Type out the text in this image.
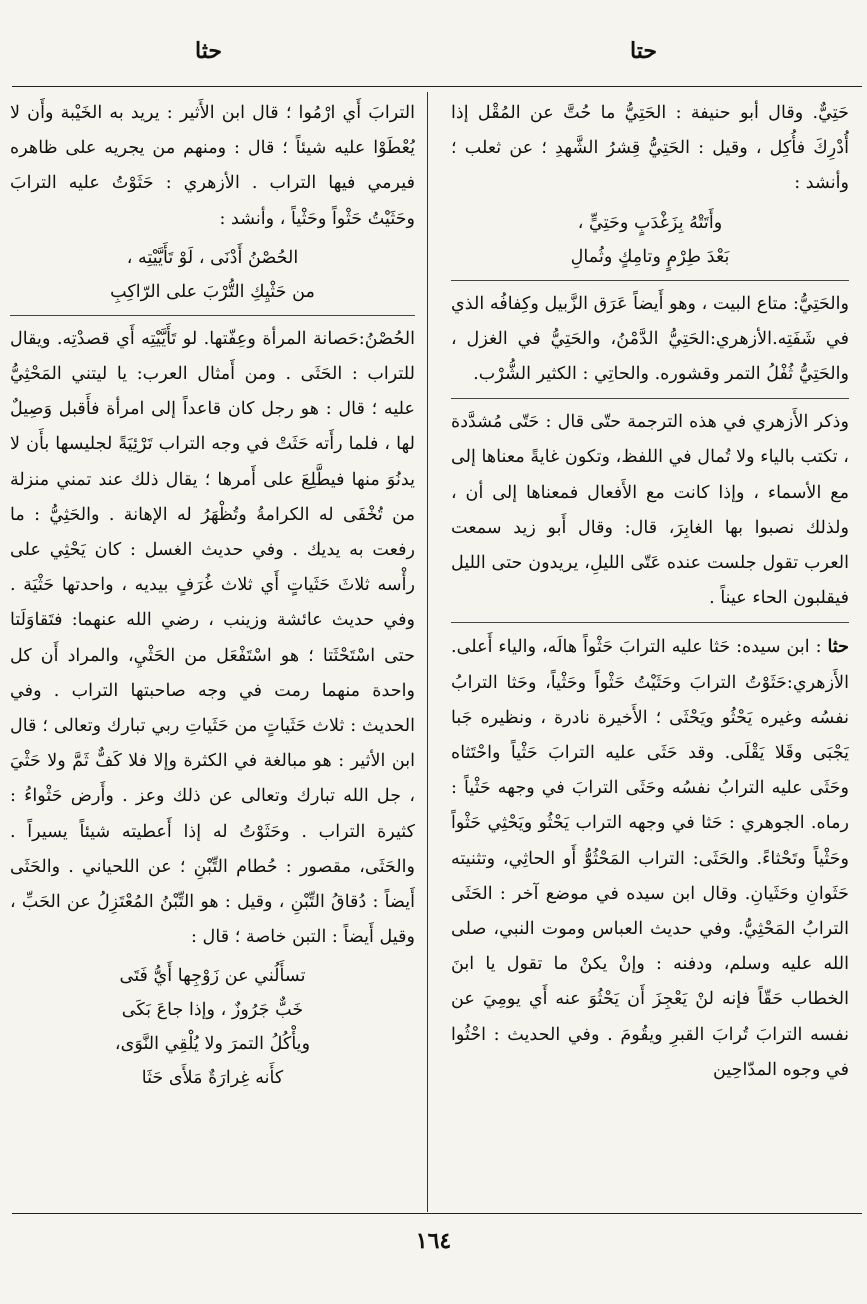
حتا
حثا

حَتِيٌّ. وقال أبو حنيفة : الحَتِيُّ ما حُتَّ عن المُقْل إذا أُدْرِكَ فأُكِل ، وقيل : الحَتِيُّ قِشرُ الشَّهدِ ؛ عن ثعلب ؛ وأنشد :

وأَتَتْهُ بِزَغْدَبٍ وحَتِيٍّ ،
بَعْدَ طِرْمٍ وتامِكٍ وثُمالِ

والحَتِيُّ: متاع البيت ، وهو أَيضاً عَرَق الزَّبيل وكِفافُه الذي في شَفَتِه.الأزهري:الحَتِيُّ الدَّمْنُ، والحَتِيُّ في الغزل ، والحَتِيُّ ثُفْلُ التمر وقشوره. والحاتِي : الكثير الشُّرْب.

وذكر الأَزهري في هذه الترجمة حتّى قال : حَتّى مُشدَّدة ، تكتب بالياء ولا تُمال في اللفظ، وتكون غايةً معناها إلى مع الأسماء ، وإذا كانت مع الأَفعال فمعناها إلى أن ، ولذلك نصبوا بها الغابِرَ، قال: وقال أَبو زيد سمعت العرب تقول جلست عنده عَتّى الليلِ، يريدون حتى الليل فيقلبون الحاء عيناً .

حثا : ابن سيده: حَثا عليه الترابَ حَثْواً هالَه، والياء أَعلى. الأَزهري:حَثَوْتُ الترابَ وحَثَيْتُ حَثْواً وحَثْياً، وحَثا الترابُ نفسُه وغيره يَحْثُو ويَحْثَى ؛ الأَخيرة نادرة ، ونظيره جَبا يَجْبَى وقَلا يَقْلَى. وقد حَثَى عليه الترابَ حَثْياً واحْتَثاه وحَثَى عليه الترابُ نفسُه وحَثَى الترابَ في وجهه حَثْياً : رماه. الجوهري : حَثا في وجهه التراب يَحْثُو ويَحْثِي حَثْواً وحَثْياً وتَحْثاءً. والحَثَى: التراب المَحْثُوُّ أَو الحاثِي، وتثنيته حَثَوانِ وحَثَيانِ. وقال ابن سيده في موضع آخر : الحَثَى الترابُ المَحْثِيُّ. وفي حديث العباس وموت النبي، صلى الله عليه وسلم، ودفنه : وإنْ يكنْ ما تقول يا ابنَ الخطاب حَقّاً فإنه لنْ يَعْجِزَ أَن يَحْثُوَ عنه أَي يومِيَ عن نفسه الترابَ تُرابَ القبرِ ويقُومَ . وفي الحديث : احْثُوا في وجوه المدّاحِين

الترابَ أَي ارْمُوا ؛ قال ابن الأَثير : يريد به الخَيْبة وأَن لا يُعْطَوْا عليه شيئاً ؛ قال : ومنهم من يجريه على ظاهره فيرمي فيها التراب . الأزهري : حَثَوْتُ عليه الترابَ وحَثَيْتُ حَثْواً وحَثْياً ، وأنشد :

الحُصْنُ أَدْنَى ، لَوْ تَأَيَّيْتِه ،
من حَثْيِكِ التُّرْبَ على الرّاكِبِ

الحُصْنُ:حَصانة المرأة وعِفّتها. لو تَأَيَّيْتِه أَي قصدْتِه. ويقال للتراب : الحَثَى . ومن أَمثال العرب: يا ليتني المَحْثِيُّ عليه ؛ قال : هو رجل كان قاعداً إلى امرأة فأَقبل وَصِيلٌ لها ، فلما رأَته حَثَتْ في وجه التراب تَرْئِيَةً لجليسها بأَن لا يدنُوَ منها فيطَّلِعَ على أَمرها ؛ يقال ذلك عند تمني منزلة من تُخْفَى له الكرامةُ وتُظْهَرُ له الإهانة . والحَثِيُّ : ما رفعت به يديك . وفي حديث الغسل : كان يَحْثِي على رأْسه ثلاثَ حَثَياتٍ أَي ثلاث غُرَفٍ بيديه ، واحدتها حَثْيَة . وفي حديث عائشة وزينب ، رضي الله عنهما: فتَقاوَلَتا حتى اسْتَحْثَتا ؛ هو اسْتَفْعَل من الحَثْيِ، والمراد أَن كل واحدة منهما رمت في وجه صاحبتها التراب . وفي الحديث : ثلاث حَثَياتٍ من حَثَياتِ ربي تبارك وتعالى ؛ قال ابن الأثير : هو مبالغة في الكثرة وإلا فلا كَفٌّ ثَمَّ ولا حَثْيَ ، جل الله تبارك وتعالى عن ذلك وعز . وأَرض حَثْواءُ : كثيرة التراب . وحَثَوْتُ له إذا أَعطيته شيئاً يسيراً . والحَثَى، مقصور : حُطام التِّبْنِ ؛ عن اللحياني . والحَثَى أَيضاً : دُقاقُ التِّبْنِ ، وقيل : هو التِّبْنُ المُعْتَزِلُ عن الحَبِّ ، وقيل أَيضاً : التبن خاصة ؛ قال :

تسأَلُني عن زَوْجِها أَيُّ فَتَى
خَبٌّ جَرُوزٌ ، وإذا جاعَ بَكَى
ويأْكُلُ التمرَ ولا يُلْقِي النَّوَى،
كأَنه غِرارَةٌ مَلأَى حَثَا
١٦٤
